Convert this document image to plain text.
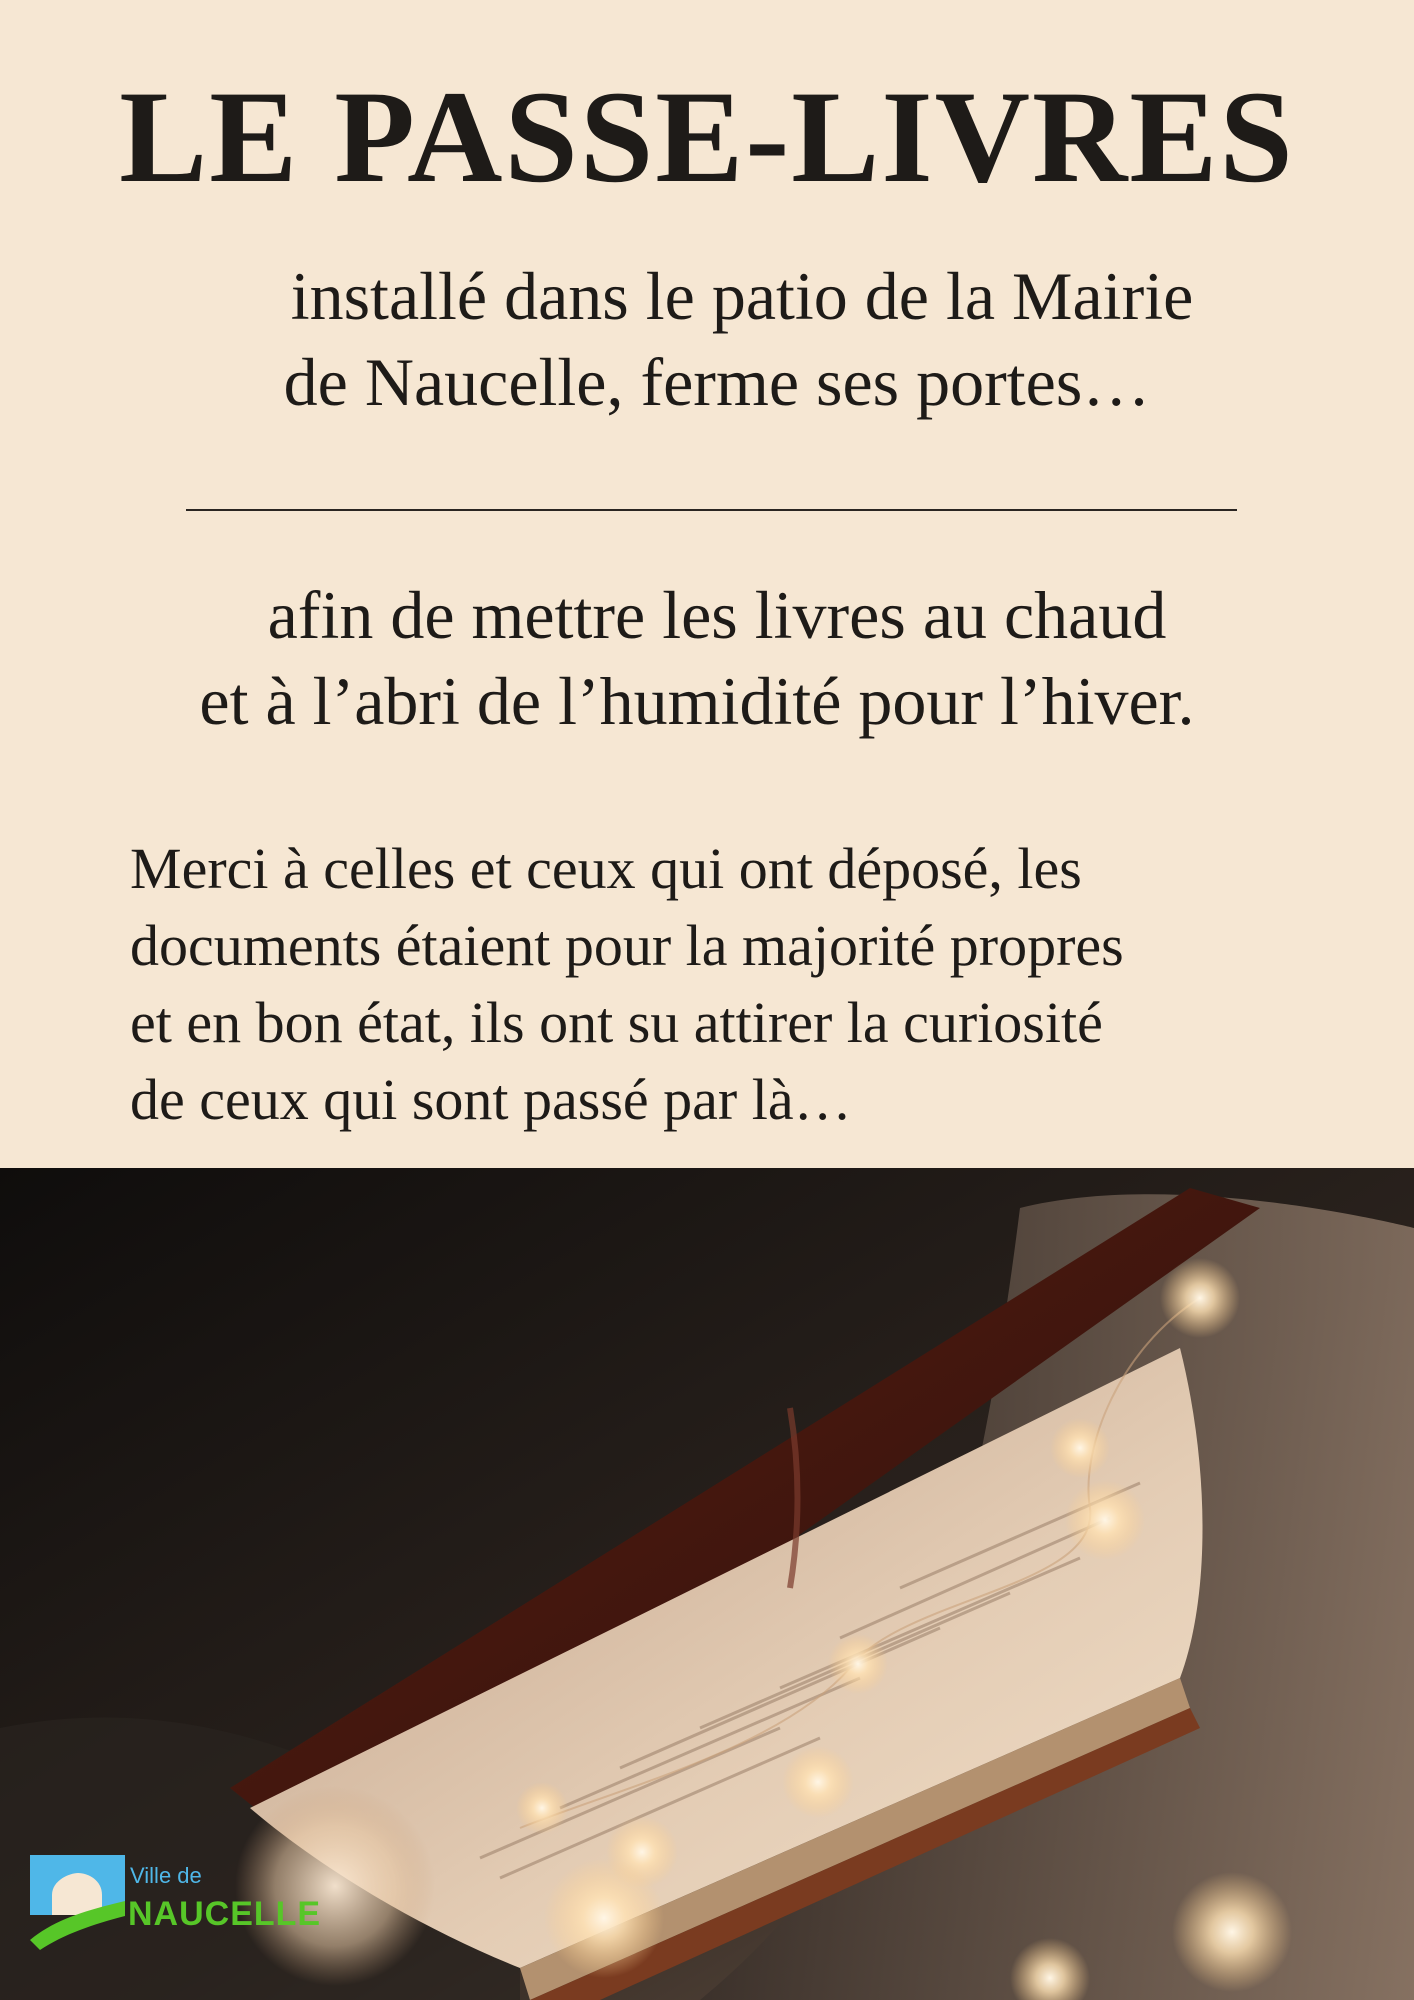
LE PASSE-LIVRES

installé dans le patio de la Mairie
de Naucelle, ferme ses portes…

afin de mettre les livres au chaud
et à l’abri de l’humidité pour l’hiver.

Merci à celles et ceux qui ont déposé, les
documents étaient pour la majorité propres
et en bon état, ils ont su attirer la curiosité
de ceux qui sont passé par là…

Ville de
NAUCELLE
